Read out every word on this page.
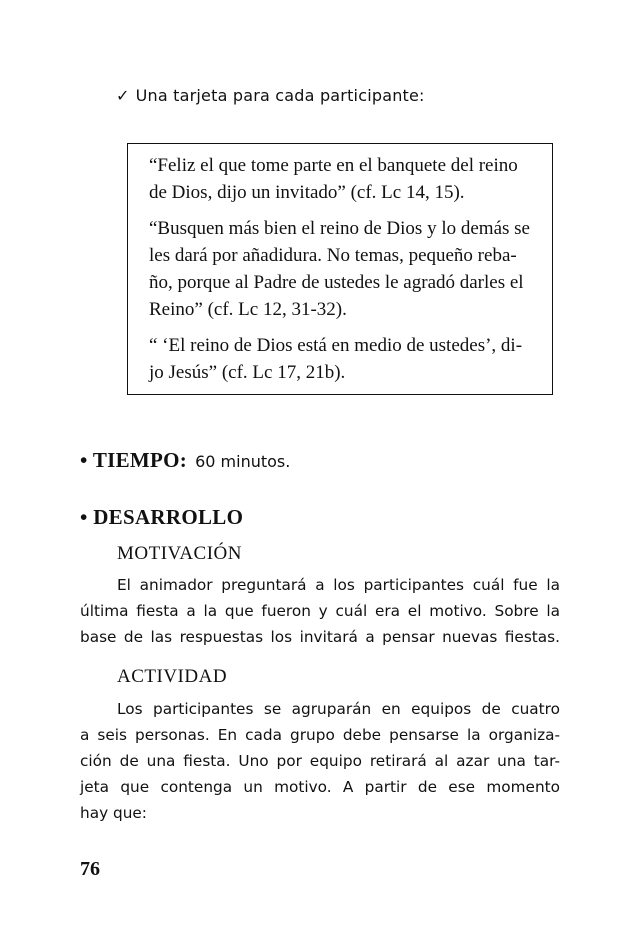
✓ Una tarjeta para cada participante:

“Feliz el que tome parte en el banquete del reino
de Dios, dijo un invitado” (cf. Lc 14, 15).

“Busquen más bien el reino de Dios y lo demás se
les dará por añadidura. No temas, pequeño reba-
ño, porque al Padre de ustedes le agradó darles el
Reino” (cf. Lc 12, 31-32).

“ ‘El reino de Dios está en medio de ustedes’, di-
jo Jesús” (cf. Lc 17, 21b).

• TIEMPO: 60 minutos.
• DESARROLLO
MOTIVACIÓN

El animador preguntará a los participantes cuál fue la
última fiesta a la que fueron y cuál era el motivo. Sobre la
base de las respuestas los invitará a pensar nuevas fiestas.

ACTIVIDAD

Los participantes se agruparán en equipos de cuatro
a seis personas. En cada grupo debe pensarse la organiza-
ción de una fiesta. Uno por equipo retirará al azar una tar-
jeta que contenga un motivo. A partir de ese momento
hay que:

76
